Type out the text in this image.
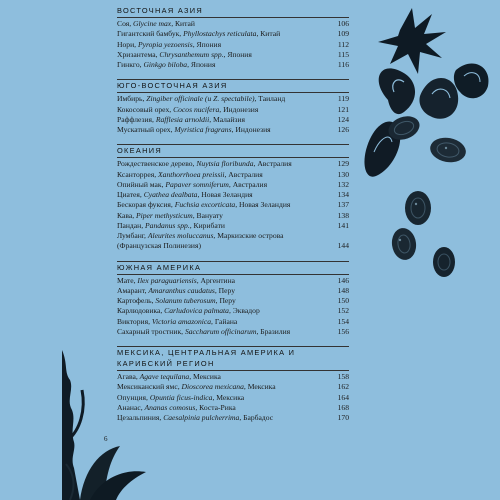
ВОСТОЧНАЯ АЗИЯ
Соя, Glycine max, Китай	106
Гигантский бамбук, Phyllostachys reticulata, Китай	109
Нори, Pyropia yezoensis, Япония	112
Хризантема, Chrysanthemum spp., Япония	115
Гинкго, Ginkgo biloba, Япония	116
ЮГО-ВОСТОЧНАЯ АЗИЯ
Имбирь, Zingiber officinale (и Z. spectabile), Таиланд	119
Кокосовый орех, Cocos nucifera, Индонезия	121
Раффлезия, Rafflesia arnoldii, Малайзия	124
Мускатный орех, Myristica fragrans, Индонезия	126
ОКЕАНИЯ
Рождественское дерево, Nuytsia floribunda, Австралия	129
Ксанторрея, Xanthorrhoea preissii, Австралия	130
Опийный мак, Papaver somniferum, Австралия	132
Циатея, Cyathea dealbata, Новая Зеландия	134
Бескорая фуксия, Fuchsia excorticata, Новая Зеландия	137
Кава, Piper methysticum, Вануату	138
Пандан, Pandanus spp., Кирибати	141
Лумбанг, Aleurites moluccanus, Маркизские острова
(Французская Полинезия)	144
ЮЖНАЯ АМЕРИКА
Мате, Ilex paraguariensis, Аргентина	146
Амарант, Amaranthus caudatus, Перу	148
Картофель, Solanum tuberosum, Перу	150
Карлюдовика, Carludovica palmata, Эквадор	152
Виктория, Victoria amazonica, Гайана	154
Сахарный тростник, Saccharum officinarum, Бразилия	156
МЕКСИКА, ЦЕНТРАЛЬНАЯ АМЕРИКА И КАРИБСКИЙ РЕГИОН
Агава, Agave tequilana, Мексика	158
Мексиканский ямс, Dioscorea mexicana, Мексика	162
Опунция, Opuntia ficus-indica, Мексика	164
Ананас, Ananas comosus, Коста-Рика	168
Цезальпиния, Caesalpinia pulcherrima, Барбадос	170
6
